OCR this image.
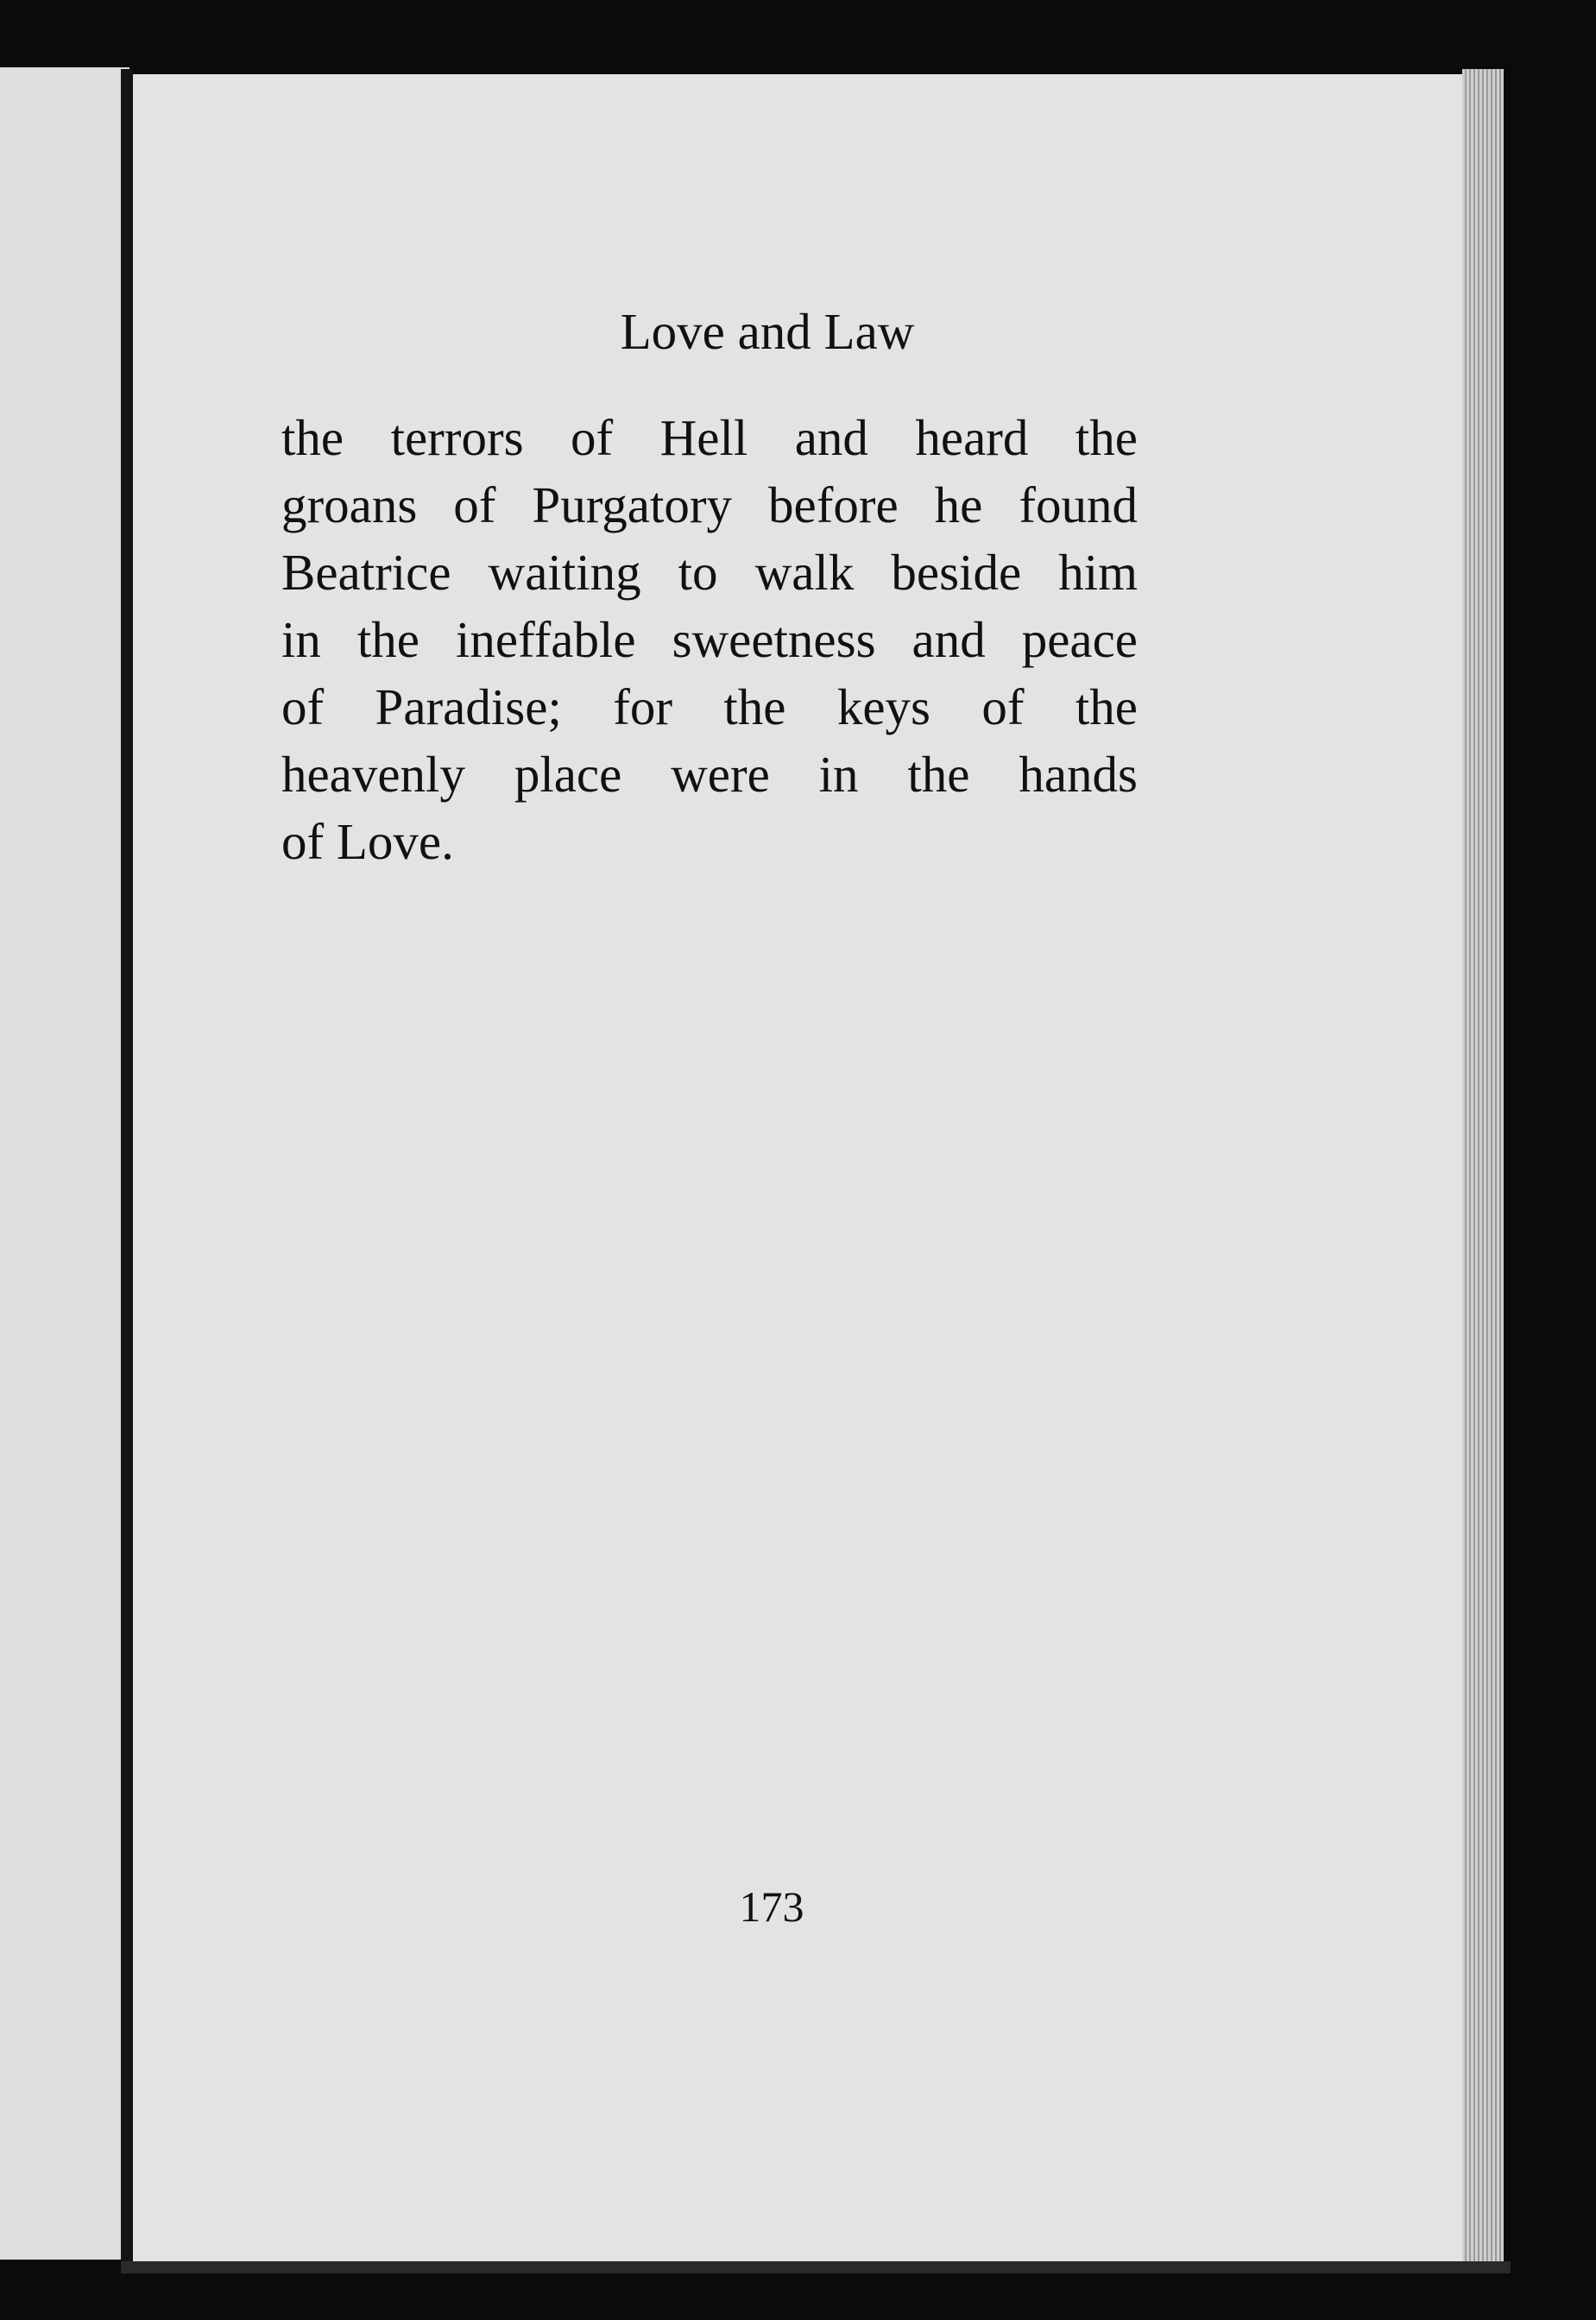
Love and Law
the terrors of Hell and heard the
groans of Purgatory before he found
Beatrice waiting to walk beside him
in the ineffable sweetness and peace
of Paradise; for the keys of the
heavenly place were in the hands
of Love.
173
